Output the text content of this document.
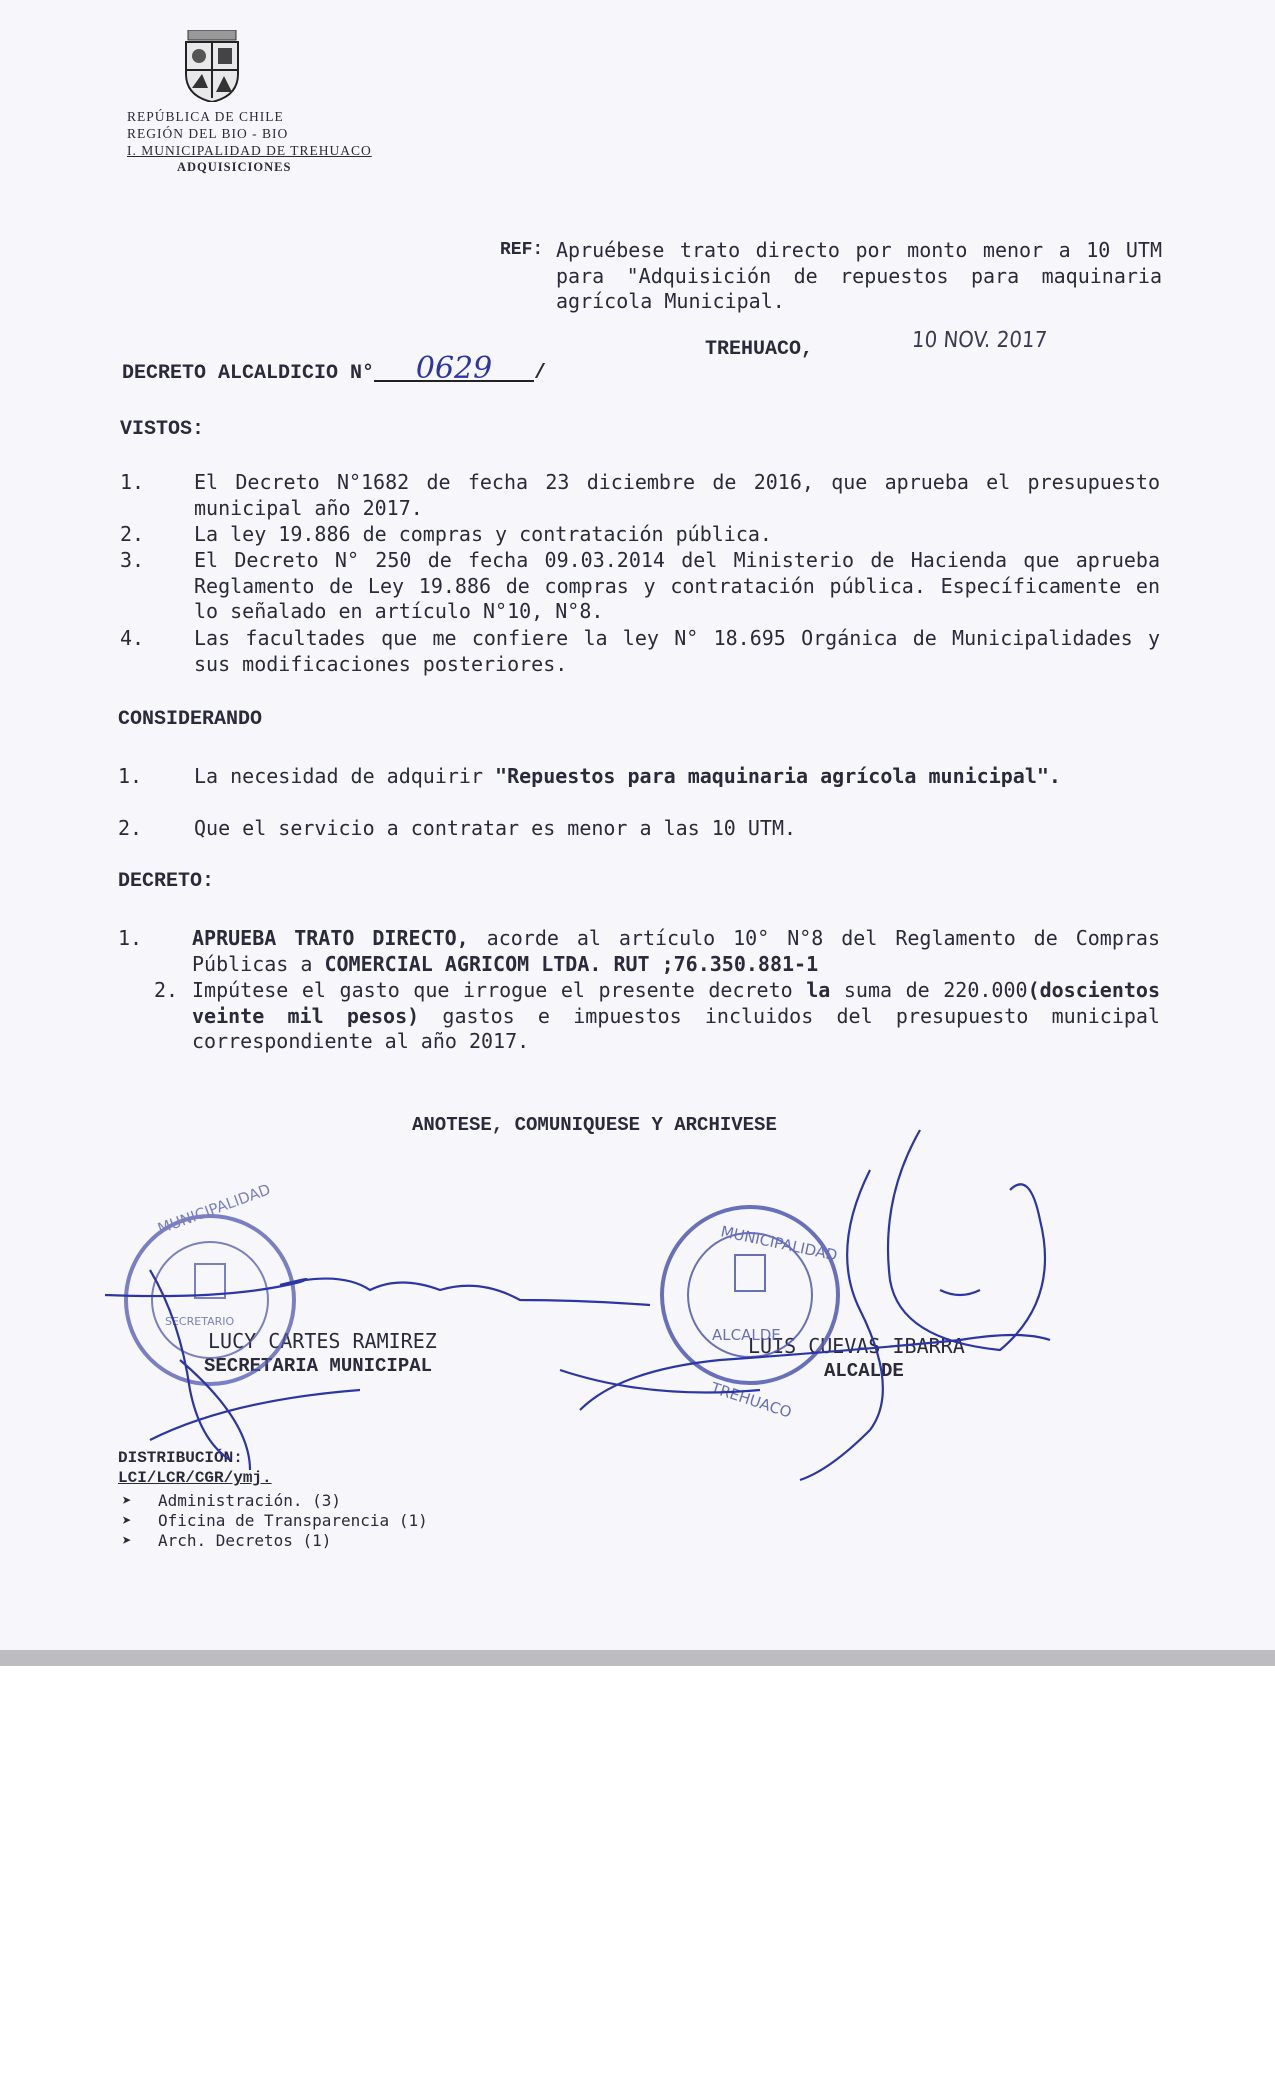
REPÚBLICA DE CHILE
REGIÓN DEL BIO - BIO
I. MUNICIPALIDAD DE TREHUACO
ADQUISICIONES
REF: Apruébese trato directo por monto menor a 10 UTM para "Adquisición de repuestos para maquinaria agrícola Municipal.
DECRETO ALCALDICIO N° 0629 /
TREHUACO,	10 NOV. 2017
VISTOS:
1.	El Decreto N°1682 de fecha 23 diciembre de 2016, que aprueba el presupuesto municipal año 2017.
2.	La ley 19.886 de compras y contratación pública.
3.	El Decreto N° 250 de fecha 09.03.2014 del Ministerio de Hacienda que aprueba Reglamento de Ley 19.886 de compras y contratación pública. Específicamente en lo señalado en artículo N°10, N°8.
4.	Las facultades que me confiere la ley N° 18.695 Orgánica de Municipalidades y sus modificaciones posteriores.
CONSIDERANDO
1.	La necesidad de adquirir "Repuestos para maquinaria agrícola municipal".
2.	Que el servicio a contratar es menor a las 10 UTM.
DECRETO:
1.	APRUEBA TRATO DIRECTO, acorde al artículo 10° N°8 del Reglamento de Compras Públicas a COMERCIAL AGRICOM LTDA. RUT ;76.350.881-1
2. Impútese el gasto que irrogue el presente decreto la suma de 220.000(doscientos veinte mil pesos) gastos e impuestos incluidos del presupuesto municipal correspondiente al año 2017.
ANOTESE, COMUNIQUESE Y ARCHIVESE
LUCY CARTES RAMIREZ
SECRETARIA MUNICIPAL
LUIS CUEVAS IBARRA
ALCALDE
DISTRIBUCIÓN:
LCI/LCR/CGR/ymj.
➤ Administración. (3)
➤ Oficina de Transparencia (1)
➤ Arch. Decretos (1)
MUNICIPALIDAD
SECRETARIO
MUNICIPALIDAD
ALCALDE
TREHUACO
